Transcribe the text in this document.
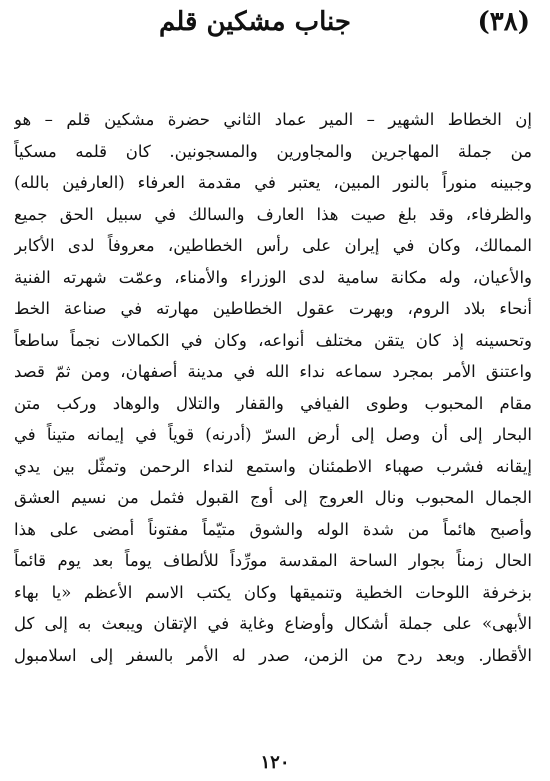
(٣٨)
جناب مشكين قلم
إن الخطاط الشهير – المير عماد الثاني حضرة مشكين قلم – هو
من جملة المهاجرين والمجاورين والمسجونين. كان قلمه مسكياً
وجبينه منوراً بالنور المبين، يعتبر في مقدمة العرفاء (العارفين بالله)
والظرفاء، وقد بلغ صيت هذا العارف والسالك في سبيل الحق جميع
الممالك، وكان في إيران على رأس الخطاطين، معروفاً لدى الأكابر
والأعيان، وله مكانة سامية لدى الوزراء والأمناء، وعمّت شهرته الفنية
أنحاء بلاد الروم، وبهرت عقول الخطاطين مهارته في صناعة الخط
وتحسينه إذ كان يتقن مختلف أنواعه، وكان في الكمالات نجماً ساطعاً
واعتنق الأمر بمجرد سماعه نداء الله في مدينة أصفهان، ومن ثمّ قصد
مقام المحبوب وطوى الفيافي والقفار والتلال والوهاد وركب متن
البحار إلى أن وصل إلى أرض السرّ (أدرنه) قوياً في إيمانه متيناً في
إيقانه فشرب صهباء الاطمئنان واستمع لنداء الرحمن وتمثّل بين يدي
الجمال المحبوب ونال العروج إلى أوج القبول فثمل من نسيم العشق
وأصبح هائماً من شدة الوله والشوق متيّماً مفتوناً أمضى على هذا
الحال زمناً بجوار الساحة المقدسة مورِّداً للألطاف يوماً بعد يوم قائماً
بزخرفة اللوحات الخطية وتنميقها وكان يكتب الاسم الأعظم «يا بهاء
الأبهى» على جملة أشكال وأوضاع وغاية في الإتقان ويبعث به إلى كل
الأقطار. وبعد ردح من الزمن، صدر له الأمر بالسفر إلى اسلامبول
١٢٠
